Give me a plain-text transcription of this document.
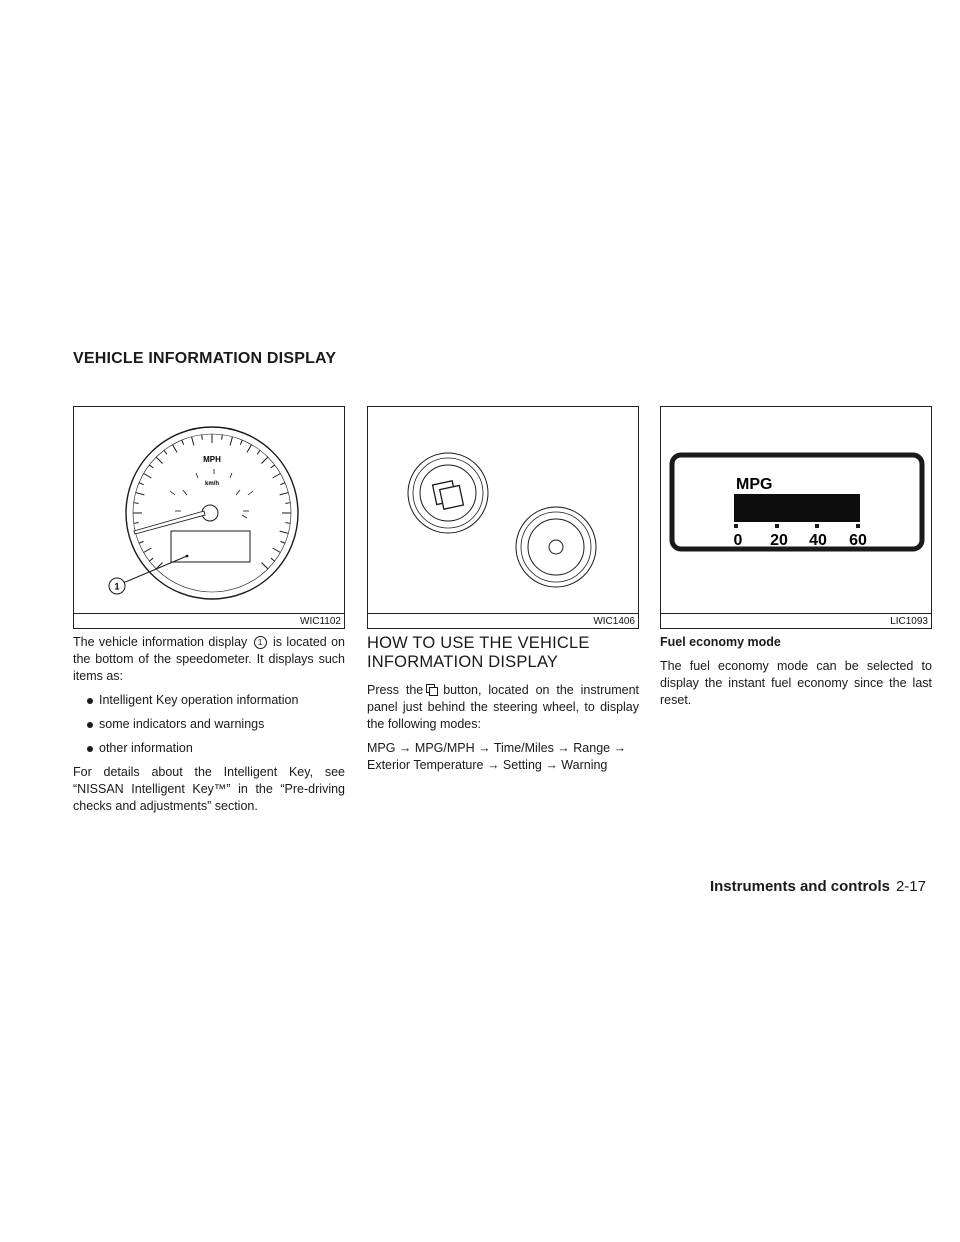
VEHICLE INFORMATION DISPLAY
MPH
km/h
1
WIC1102	WIC1406
MPG
0 20 40 60
LIC1093

The vehicle information display 1 is located on the bottom of the speedometer. It displays such items as:

Intelligent Key operation information
some indicators and warnings
other information

For details about the Intelligent Key, see “NISSAN Intelligent Key™” in the “Pre-driving checks and adjustments” section.

HOW TO USE THE VEHICLE INFORMATION DISPLAY

Press the button, located on the instrument panel just behind the steering wheel, to display the following modes:

MPG → MPG/MPH → Time/Miles → Range → Exterior Temperature → Setting → Warning

Fuel economy mode

The fuel economy mode can be selected to display the instant fuel economy since the last reset.

Instruments and controls 2-17
